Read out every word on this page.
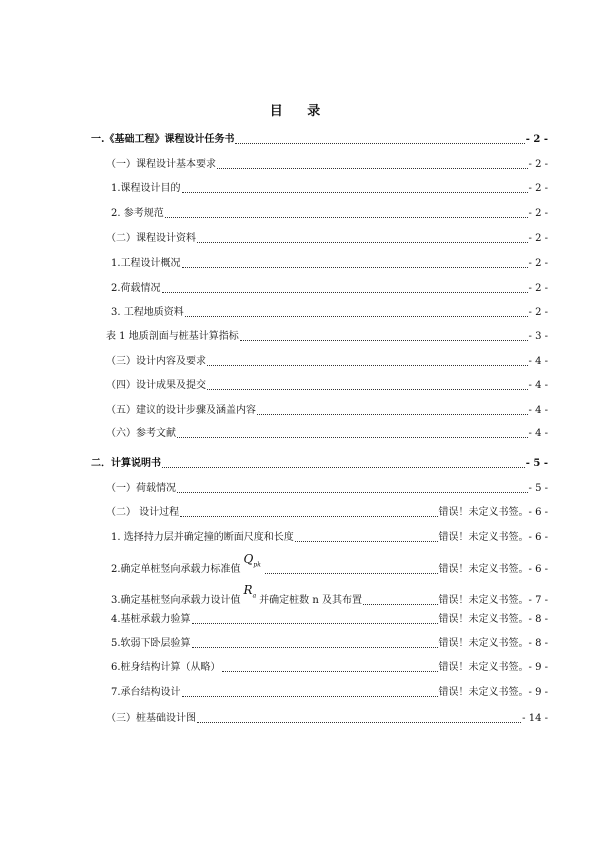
目 录
一.《基础工程》课程设计任务书	- 2 -
（一）课程设计基本要求	- 2 -
1.课程设计目的	- 2 -
2. 参考规范	- 2 -
（二）课程设计资料	- 2 -
1.工程设计概况	- 2 -
2.荷载情况	- 2 -
3. 工程地质资料	- 2 -
表 1 地质剖面与桩基计算指标	- 3 -
（三）设计内容及要求	- 4 -
（四）设计成果及提交	- 4 -
（五）建议的设计步骤及涵盖内容	- 4 -
（六）参考文献	- 4 -
二．计算说明书	- 5 -
（一）荷载情况	- 5 -
（二） 设计过程	错误！未定义书签。 - 6 -
1. 选择持力层并确定撞的断面尺度和长度	错误！未定义书签。 - 6 -
2.确定单桩竖向承载力标准值
$Q_{pk}$	错误！未定义书签。 - 6 -
3.确定基桩竖向承载力设计值
$R_a$ 并确定桩数 n 及其布置	错误！未定义书签。 - 7 -
4.基桩承载力验算	错误！未定义书签。 - 8 -
5.软弱下卧层验算	错误！未定义书签。 - 8 -
6.桩身结构计算（从略）	错误！未定义书签。 - 9 -
7.承台结构设计	错误！未定义书签。 - 9 -
（三）桩基础设计图	- 14 -
